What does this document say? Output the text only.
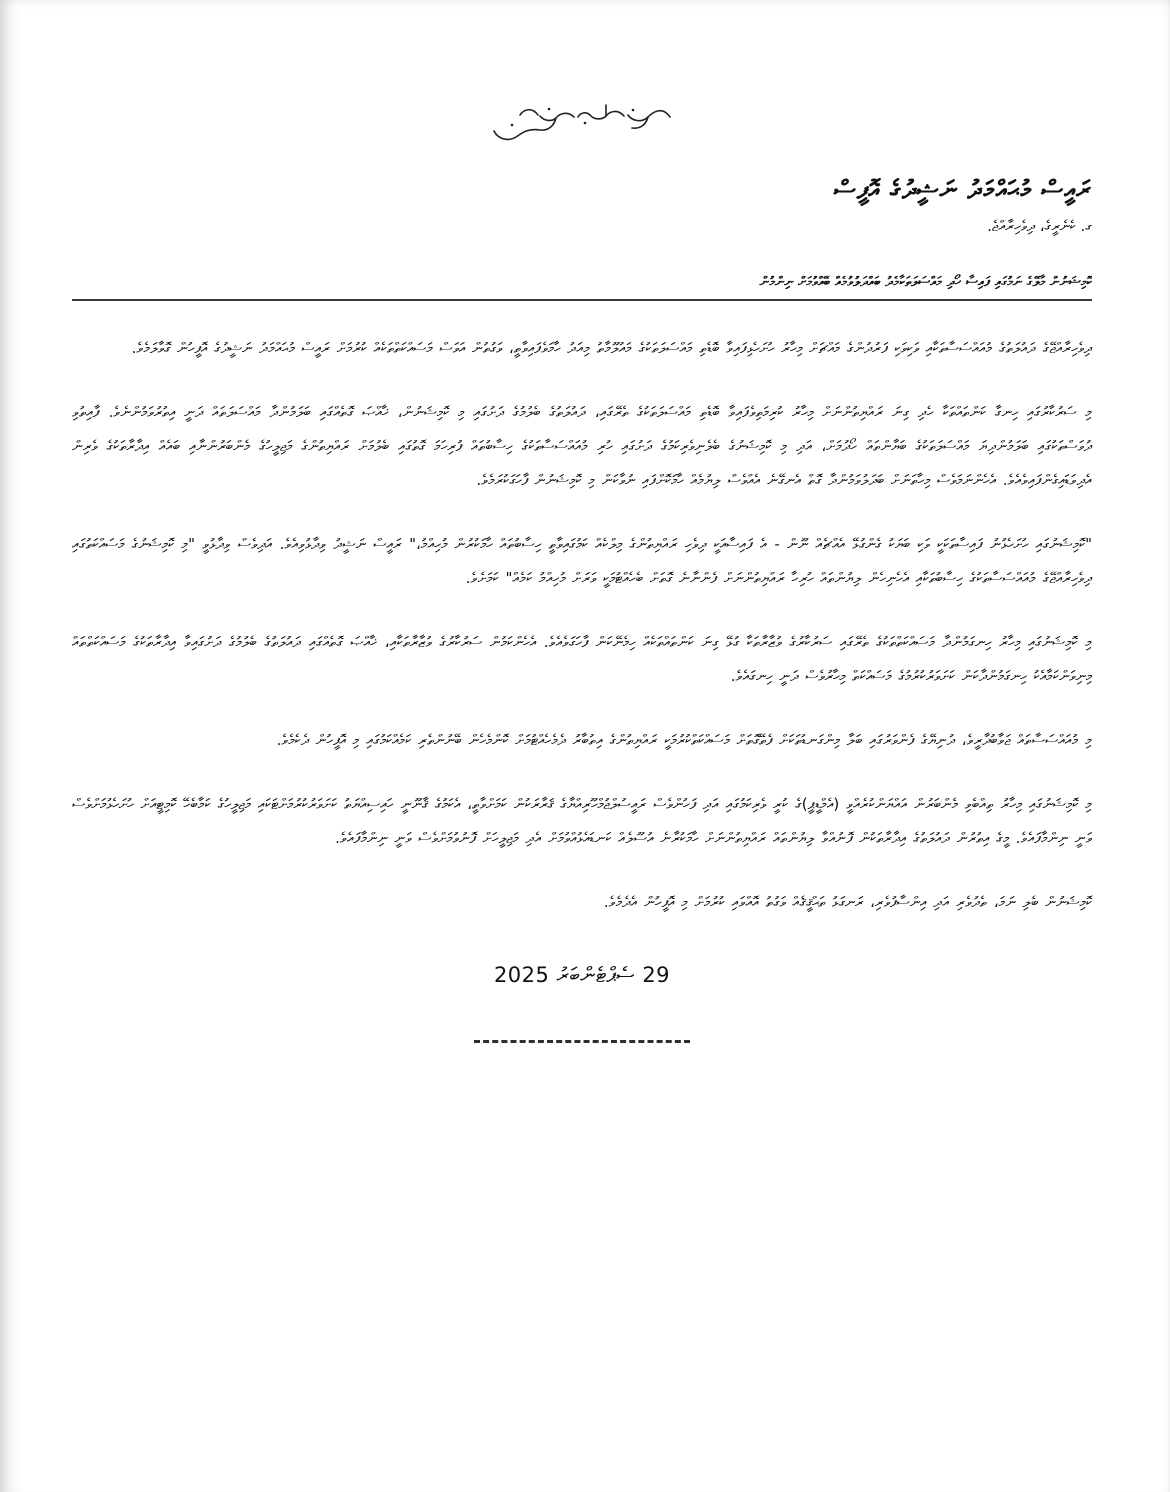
ރައީސް މުޙައްމަދު ނަޝީދުގެ އޮފީސް
ގ. ކެނެރީގެ، ދިވެހިރާއްޖެ.
ކޮމިޝަނުން މާލޭގެ ނަމުގައި ފައިސާ ހޯދި މައްސަލަތަކާމެދު ބައްދަލުވުމެއް ބޭއްވުމަށް ނިންމުން

ދިވެހިރާއްޖޭގެ ދައުލަތުގެ މުއައްސަސާތަކާއި ވަކިވަކި ފަރުދުންގެ މައްޗަށް މިހާރު ހުށަހެޅިފައިވާ ބޮޑެތި މައްސަލަތަކުގެ މައުލޫމާތު މިއަދު ހާމަވެފައިވާތީ، ވަގުތުން އަވަސް މަސައްކަތްތަކެއް ކުރުމަށް ރައީސް މުޙައްމަދު ނަޝީދުގެ އޮފީހުން ގޮވާލަމެވެ.

މި ސަރުކާރުގައި ހިނގާ ކަންތައްތަކާ ހެދި ގިނަ ރައްޔިތުންނަށް މިހާރު ކުރިމަތިވެފައިވާ ބޮޑެތި މައްސަލަތަކުގެ ތެރޭގައި، ދައުލަތުގެ ބެލުމުގެ ދަށުގައި މި ކޮމިޝަނުން، ޚާއްޞަ ގޮތެއްގައި ބަލަމުންދާ މައްސަލަތައް ދަނީ އިތުރުވަމުންނެވެ. ފާއިތުވި ދުވަސްތަކުގައި ބަލަމުންދިޔަ މައްސަލަތަކުގެ ބަޔާންތައް ހޯދުމަށް، އަދި މި ކޮމިޝަނުގެ ބެލެނިވެރިކަމުގެ ދަށުގައި ހުރި މުއައްސަސާތަކުގެ ހިސާބުތައް ފުރިހަމަ ގޮތުގައި ބެލުމަށް ރައްޔިތުންގެ މަޖިލީހުގެ މެންބަރުންނާއި ބައެއް އިދާރާތަކުގެ ވެރިން އެދިވަޑައިގެންފައިވެއެވެ. އެހެންނަމަވެސް މިހާތަނަށް ބަދަލުވަމުންދާ ގޮތް އެނގޭނެ އެއްވެސް ލިޔުމެއް ހާމަކޮށްފައި ނުވާކަން މި ކޮމިޝަނުން ފާހަގަކުރަމެވެ.

"ކޮމިޝަނުގައި ހުށަހެޅުނު ފައިސާތަކަކީ ވަކި ބަޔަކު ގެންގުޅޭ އެއްޗެއް ނޫން - އެ ފައިސާއަކީ ދިވެހި ރައްޔިތުންގެ މިލްކެއް ކަމުގައިވާތީ ހިސާބުތައް ހާމަކުރުން މުހިއްމު،" ރައީސް ނަޝީދު ވިދާޅުވިއެވެ. އަދިވެސް ވިދާޅުވީ "މި ކޮމިޝަނުގެ މަސައްކަތުގައި ދިވެހިރާއްޖޭގެ މުއައްސަސާތަކުގެ ހިސާބުތަކާއި އެހެނިހެން ލިޔުންތައް ހުރިހާ ރައްޔިތުންނަށް ފެންނާނެ ގޮތަށް ބެހެއްޓުމަކީ ވަރަށް މުހިއްމު ކަމެއް" ކަމަށެވެ.

މި ކޮމިޝަނުގައި މިހާރު ހިނގަމުންދާ މަސައްކަތްތަކުގެ ތެރޭގައި ސަރުކާރުގެ ވުޒާރާތަކާ ގުޅޭ ގިނަ ކަންތައްތަކެއް ހިމެނޭކަން ފާހަގަވެއެވެ. އެހެންކަމުން ސަރުކާރުގެ ވުޒާރާތަކާއި، ޚާއްޞަ ގޮތެއްގައި ދައުލަތުގެ ބެލުމުގެ ދަށުގައިވާ އިދާރާތަކުގެ މަސައްކަތްތައް މިނިވަންކަމާއެކު ހިނގަމުންދާކަން ކަށަވަރުކުރުމުގެ މަސައްކަތް މިހާރުވެސް ދަނީ ހިނގައެވެ.

މި މުއައްސަސާތައް ޖަވާބުދާރީވެ، ދުނިޔޭގެ ފެންވަރުގައި ބަލާ މިންގަނޑުތަކަށް ފެތޭގޮތަށް މަސައްކަތްކުރުމަކީ ރައްޔިތުންގެ އިތުބާރު ދެމެހެއްޓުމަށް ކޮންމެހެން ބޭނުންތެރި ކަމެއްކަމުގައި މި އޮފީހުން ދެކެމެވެ.

މި ކޮމިޝަނުގައި މިހާރު ތިއްބެވި މެންބަރުން އައްޔަންކުރެއްވީ (އެމްޑީޕީ)ގެ ކުރީ ވެރިކަމުގައި އަދި ފަހުންވެސް ރައީސުލްޖުމްހޫރިއްޔާގެ ޤަރާރަކުން ކަމަށްވާތީ، އެކަމުގެ ޤާނޫނީ ހައިސިއްޔަތު ކަށަވަރުކުރުމަށްޓަކައި މަޖިލީހުގެ ކަމާބެހޭ ކޮމިޓީއަށް ހުށަހެޅުމަށްވެސް ވަނީ ނިންމާފައެވެ. މީގެ އިތުރުން ދައުލަތުގެ އިދާރާތަކުން ފޮނުއްވާ ލިޔުންތައް ރައްޔިތުންނަށް ހާމަކުރާނެ އުސޫލެއް ކަނޑައެޅުއްވުމަށް އެދި މަޖިލީހަށް ފޮނުވުމަށްވެސް ވަނީ ނިންމާފައެވެ.

ކޮމިޝަނުން ބެލި ނަމަ، ތެދުވެރި އަދި އިންސާފުވެރި، ރަނގަޅު ތަޙްޤީޤެއް ވަގުތު އޮއްވައި ކުރުމަށް މި އޮފީހުން އެދެމެވެ.

29 ސެޕްޓެންބަރު 2025
